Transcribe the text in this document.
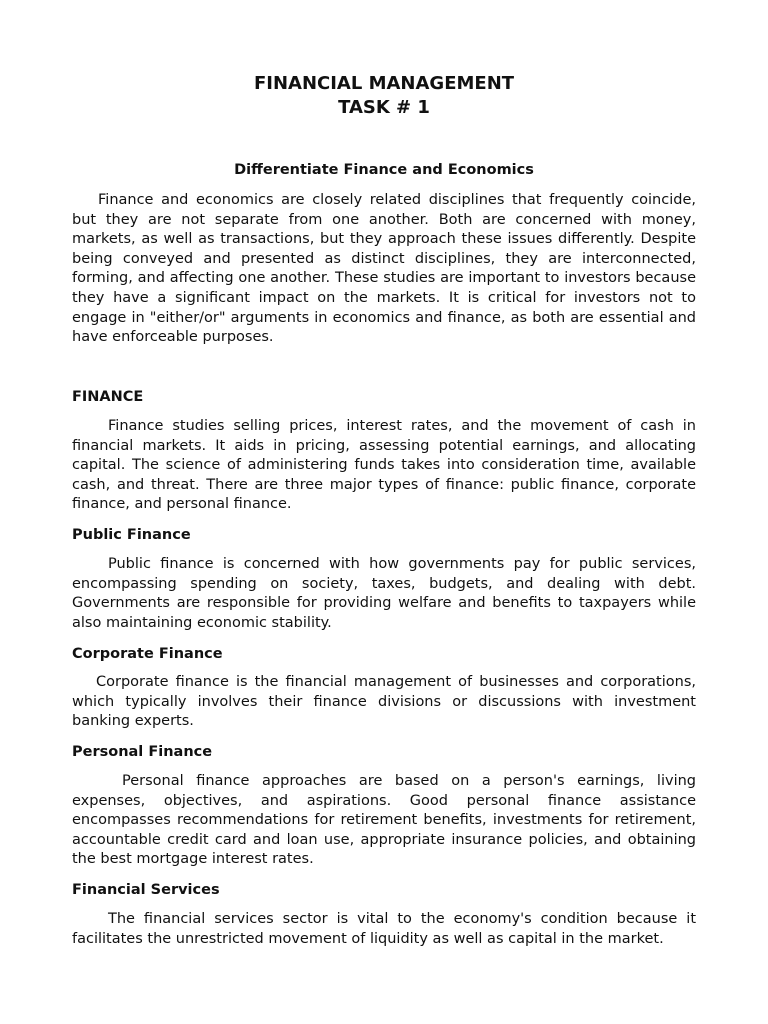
FINANCIAL MANAGEMENT
TASK # 1
Differentiate Finance and Economics

Finance and economics are closely related disciplines that frequently coincide, but they are not separate from one another. Both are concerned with money, markets, as well as transactions, but they approach these issues differently. Despite being conveyed and presented as distinct disciplines, they are interconnected, forming, and affecting one another. These studies are important to investors because they have a significant impact on the markets. It is critical for investors not to engage in "either/or" arguments in economics and finance, as both are essential and have enforceable purposes.

FINANCE

Finance studies selling prices, interest rates, and the movement of cash in financial markets. It aids in pricing, assessing potential earnings, and allocating capital. The science of administering funds takes into consideration time, available cash, and threat. There are three major types of finance: public finance, corporate finance, and personal finance.

Public Finance

Public finance is concerned with how governments pay for public services, encompassing spending on society, taxes, budgets, and dealing with debt. Governments are responsible for providing welfare and benefits to taxpayers while also maintaining economic stability.

Corporate Finance

Corporate finance is the financial management of businesses and corporations, which typically involves their finance divisions or discussions with investment banking experts.

Personal Finance

Personal finance approaches are based on a person's earnings, living expenses, objectives, and aspirations. Good personal finance assistance encompasses recommendations for retirement benefits, investments for retirement, accountable credit card and loan use, appropriate insurance policies, and obtaining the best mortgage interest rates.

Financial Services

The financial services sector is vital to the economy's condition because it facilitates the unrestricted movement of liquidity as well as capital in the market.
